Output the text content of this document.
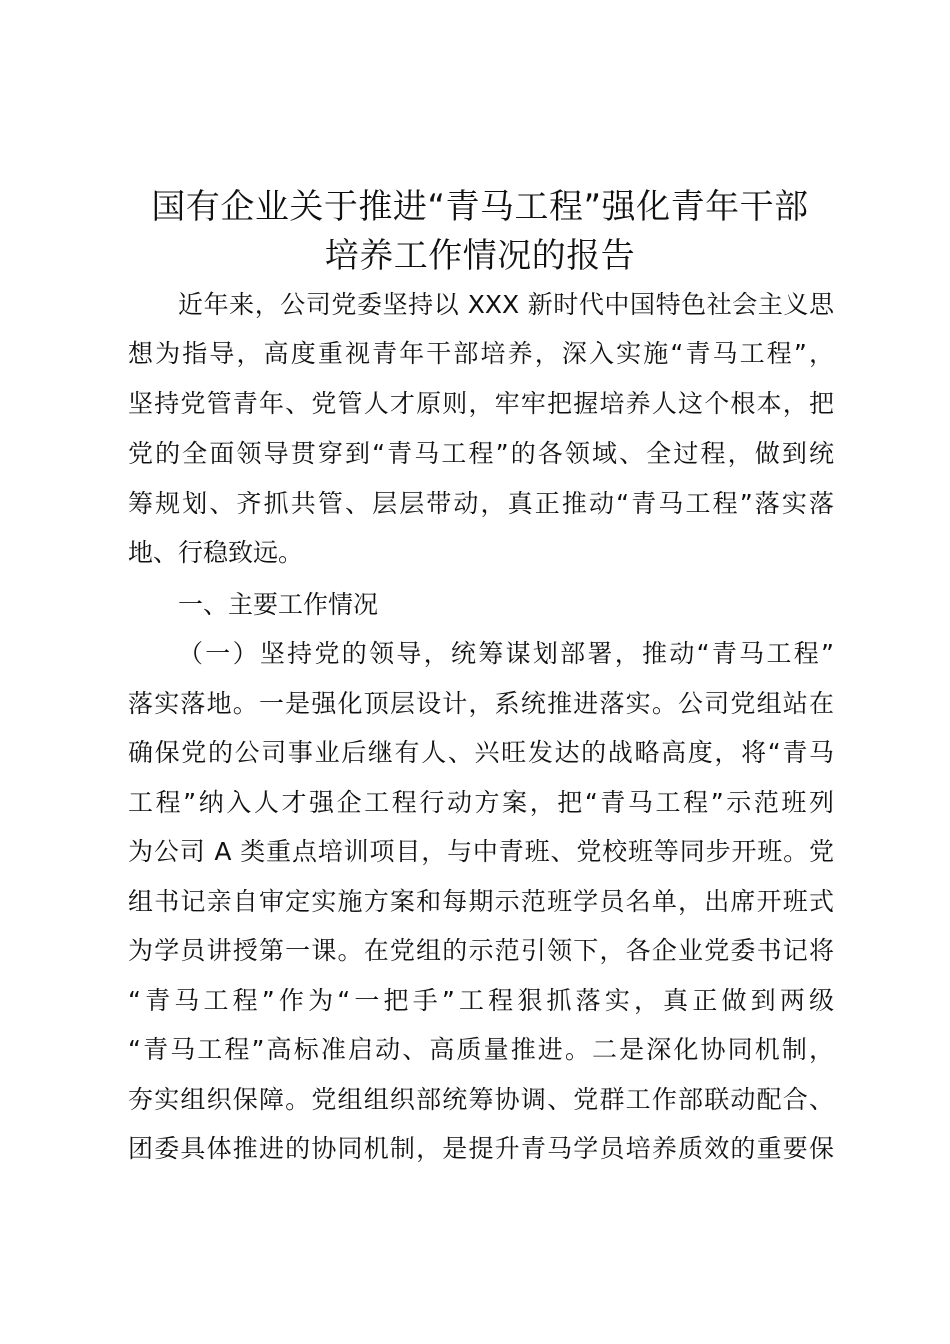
国有企业关于推进“青马工程”强化青年干部
培养工作情况的报告
近年来，公司党委坚持以 XXX 新时代中国特色社会主义思
想为指导，高度重视青年干部培养，深入实施“青马工程”，
坚持党管青年、党管人才原则，牢牢把握培养人这个根本，把
党的全面领导贯穿到“青马工程”的各领域、全过程，做到统
筹规划、齐抓共管、层层带动，真正推动“青马工程”落实落
地、行稳致远。
一、主要工作情况
（一）坚持党的领导，统筹谋划部署，推动“青马工程”
落实落地。一是强化顶层设计，系统推进落实。公司党组站在
确保党的公司事业后继有人、兴旺发达的战略高度，将“青马
工程”纳入人才强企工程行动方案，把“青马工程”示范班列
为公司 A 类重点培训项目，与中青班、党校班等同步开班。党
组书记亲自审定实施方案和每期示范班学员名单，出席开班式
为学员讲授第一课。在党组的示范引领下，各企业党委书记将
“青马工程”作为“一把手”工程狠抓落实，真正做到两级
“青马工程”高标准启动、高质量推进。二是深化协同机制，
夯实组织保障。党组组织部统筹协调、党群工作部联动配合、
团委具体推进的协同机制，是提升青马学员培养质效的重要保
